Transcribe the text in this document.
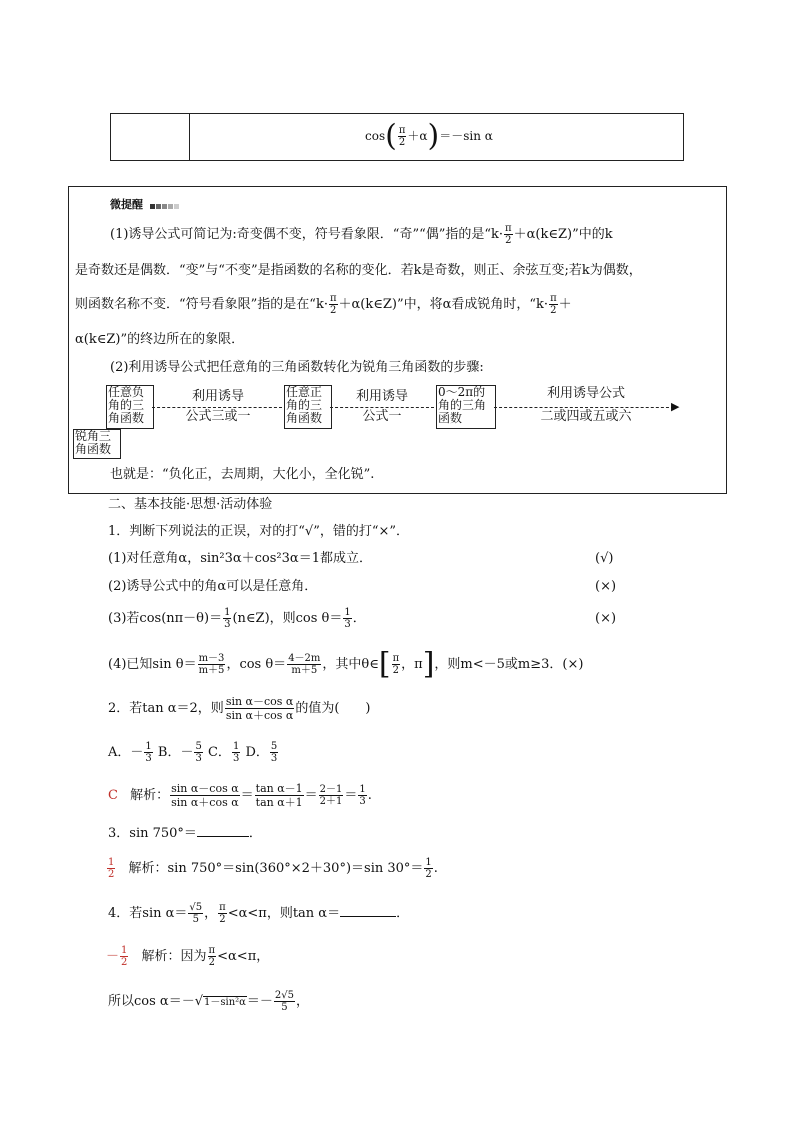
$\cos( \frac{\pi}{2} +\alpha)=-\sin$ α
微提醒
(1)诱导公式可简记为:奇变偶不变，符号看象限．“奇”“偶”指的是“$k\cdot \frac{\pi}{2}$ ＋α(k∈Z)”中的k
是奇数还是偶数．“变”与“不变”是指函数的名称的变化．若k是奇数，则正、余弦互变;若k为偶数，
则函数名称不变．“符号看象限”指的是在“$k\cdot \frac{\pi}{2}$ ＋α(k∈Z)”中，将α看成锐角时，“$k\cdot \frac{\pi}{2}$ ＋
α(k∈Z)”的终边所在的象限．
(2)利用诱导公式把任意角的三角函数转化为锐角三角函数的步骤:
任意负角的三角函数
利用诱导
公式三或一
任意正角的三角函数
利用诱导
公式一
0～2π的角的三角函数
▶
利用诱导公式
二或四或五或六
锐角三角函数
也就是：“负化正，去周期，大化小，全化锐”.
二、基本技能·思想·活动体验
1．判断下列说法的正误，对的打“√”，错的打“×”．
(1)对任意角α，sin²3α＋cos²3α＝1都成立．	(√)
(2)诱导公式中的角α可以是任意角．	(×)
(3)若$\cos(n\pi-\theta)= \frac{1}{3}$ (n∈Z)，则$\cos \theta= \frac{1}{3}$ ．	(×)
(4)已知$\sin \theta= \frac{m-3}{m+5}$ ，$\cos \theta= \frac{4-2m}{m+5}$ ，其中θ∈[ $\frac{\pi}{2}$ ，π]，则m<－5或m≥3．(×)
2．若tan α＝2，则 $\frac{\text{sin α－cos α}}{\text{sin α＋cos α}}$ 的值为(　　)
A．－ $\frac{1}{3}$ B．－ $\frac{5}{3}$ C． $\frac{1}{3}$ D． $\frac{5}{3}$
C 解析： $\frac{\text{sin α－cos α}}{\text{sin α＋cos α}} = \frac{\text{tan α－1}}{\text{tan α＋1}} = \frac{2-1}{2+1} = \frac{1}{3}$ .
3．sin 750°＝	．
$\frac{1}{2}$ 解析：sin 750°＝sin(360°×2＋30°)＝sin $30^\circ= \frac{1}{2}$ .
4．若$\sin \alpha= \frac{√5}{5}$ ， $\frac{\pi}{2} <\alpha<\pi$，则tan α＝	．
－ $\frac{1}{2}$ 解析：因为 $\frac{\pi}{2} <\alpha<\pi$，
所以$\cos \alpha=-√1-\sin^2\alpha=- \frac{2√5}{5}$ ，
